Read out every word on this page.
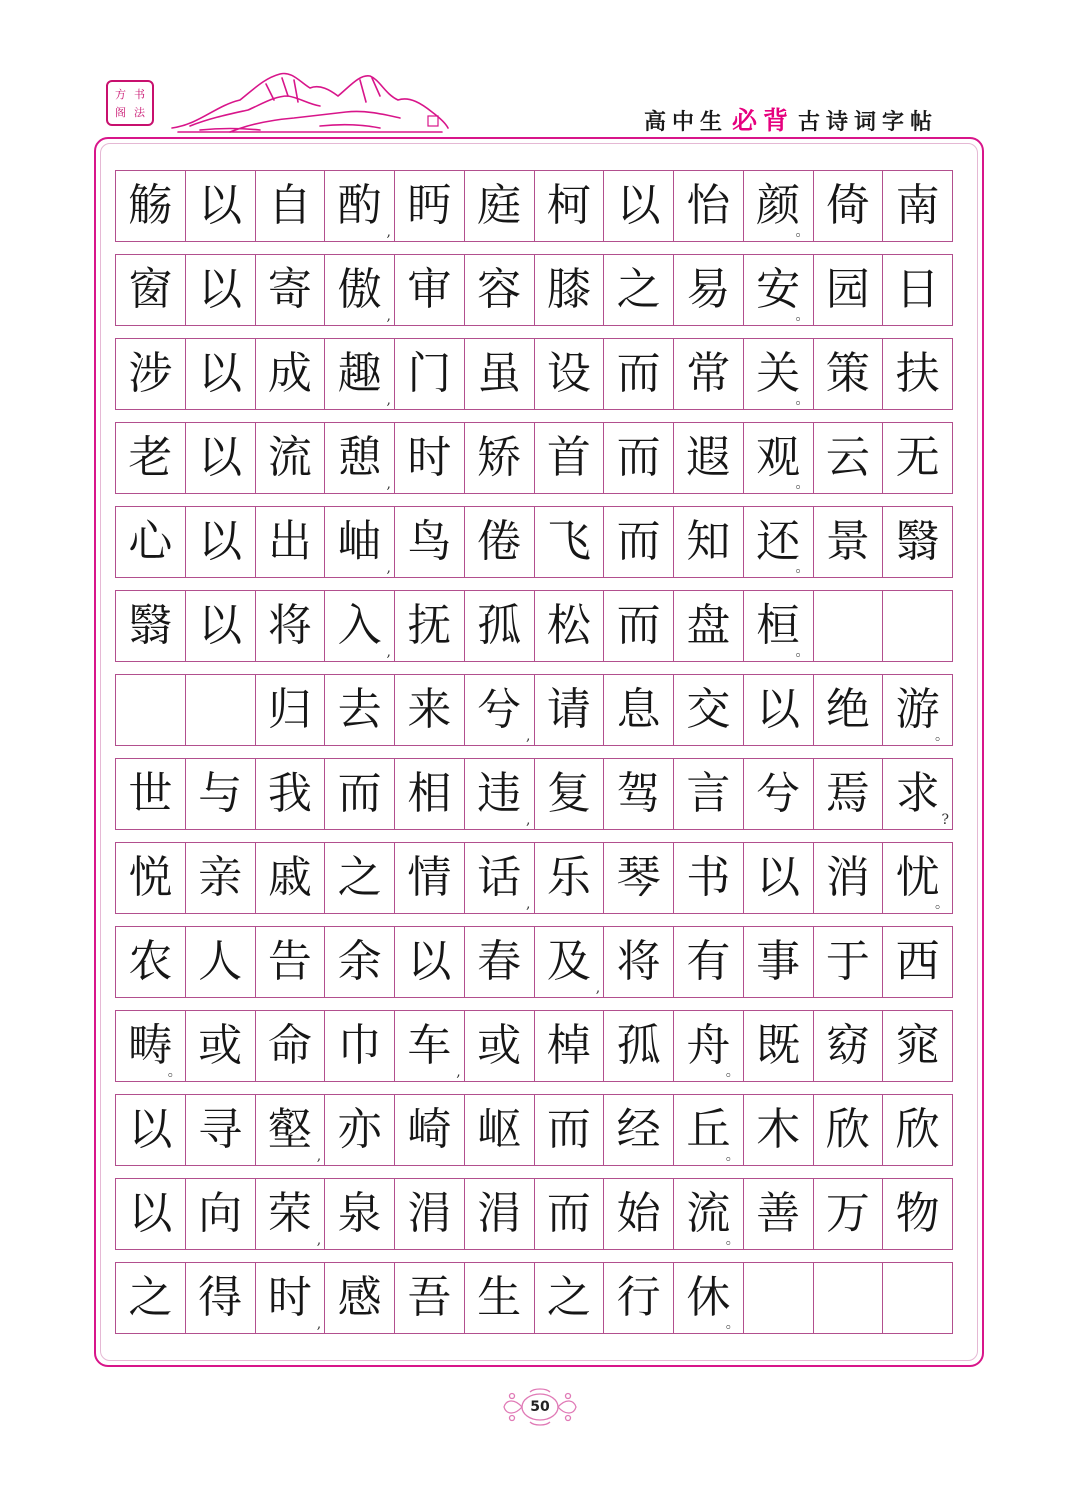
方 书
阁 法	高中生 必背 古诗词字帖
觞 以 自 酌
,
眄 庭 柯 以 怡 颜
。
倚 南
窗 以 寄 傲
,
审 容 膝 之 易 安
。
园 日
涉 以 成 趣
,
门 虽 设 而 常 关
。
策 扶
老 以 流 憩
,
时 矫 首 而 遐 观
。
云 无
心 以 出 岫
,
鸟 倦 飞 而 知 还
。
景 翳
翳 以 将 入
,
抚 孤 松 而 盘 桓
。
归 去 来 兮
,
请 息 交 以 绝 游
。
世 与 我 而 相 违
,
复 驾 言 兮 焉 求
?
悦 亲 戚 之 情 话
,
乐 琴 书 以 消 忧
。
农 人 告 余 以 春 及
,
将 有 事 于 西
畴
。
或 命 巾 车
,
或 棹 孤 舟
。
既 窈 窕
以 寻 壑
,
亦 崎 岖 而 经 丘
。
木 欣 欣
以 向 荣
,
泉 涓 涓 而 始 流
。
善 万 物
之 得 时
,
感 吾 生 之 行 休
。
50
